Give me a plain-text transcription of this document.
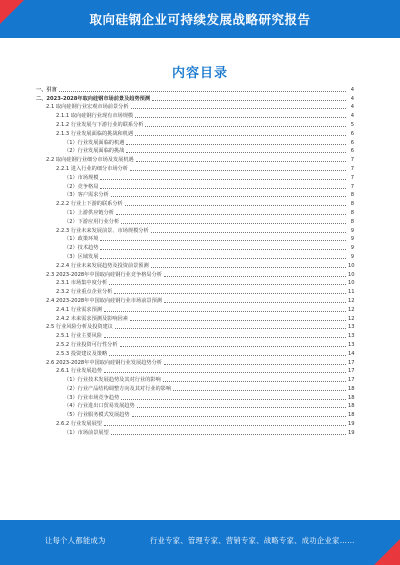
取向硅钢企业可持续发展战略研究报告
内容目录
一、引言	4
二、2023-2028年取向硅钢市场前景及趋势预测	4
2.1 取向硅钢行业宏观市场前景分析	4
2.1.1 取向硅钢行业现有市场规模	4
2.1.2 行业发展与下游行业的联系分析	5
2.1.3 行业发展面临的挑战和机遇	6
（1）行业发展面临的机遇	6
（2）行业发展面临的挑战	6
2.2 取向硅钢行业细分市场及发展机遇	7
2.2.1 进入行业的细分市场分析	7
（1）市场规模	7
（2）竞争格局	7
（3）客户需求分析	8
2.2.2 行业上下游的联系分析	8
（1）上游供应链分析	8
（2）下游应用行业分析	8
2.2.3 行业未来发展前景、市场规模分析	9
（1）政策环境	9
（2）技术趋势	9
（3）区域发展	9
2.2.4 行业未来发展趋势及投资前景预测	10
2.3 2023-2028年中国取向硅钢行业竞争格局分析	10
2.3.1 市场集中度分析	10
2.3.2 行业重点企业分析	11
2.4 2023-2028年中国取向硅钢行业市场前景预测	12
2.4.1 行业需求预测	12
2.4.2 未来需求预测及影响因素	12
2.5 行业风险分析及投资建议	13
2.5.1 行业主要风险	13
2.5.2 行业投资可行性分析	13
2.5.3 投资建议及策略	14
2.6 2023-2028年中国取向硅钢行业发展趋势分析	17
2.6.1 行业发展趋势	17
（1）行业技术发展趋势及其对行业的影响	17
（2）行业产品结构调整方向及其对行业的影响	18
（3）行业市场竞争趋势	18
（4）行业进出口贸易发展趋势	18
（5）行业服务模式发展趋势	18
2.6.2 行业发展展望	19
（1）市场前景展望	19
让每个人都能成为	行业专家、管理专家、营销专家、战略专家、成功企业家……
